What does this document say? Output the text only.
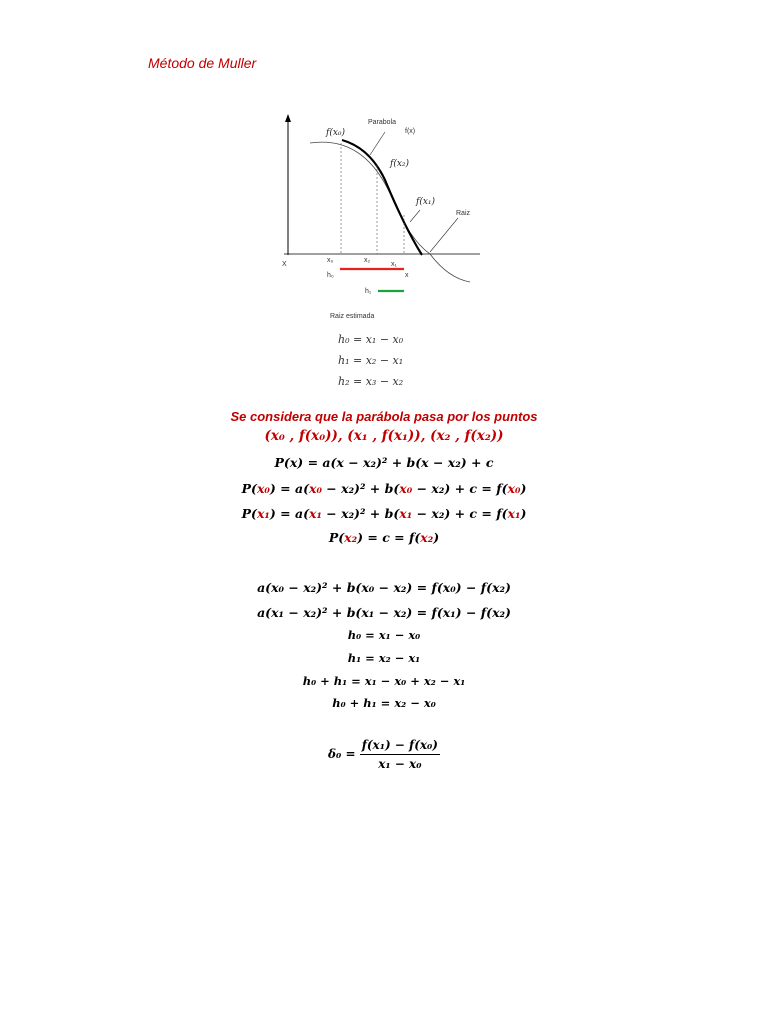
Método de Muller
f(x₀)
Parabola
f(x)
f(x₂)
f(x₁)
Raiz
X
x₀	x₂
x₁
x
h₀
h₁
Raiz estimada
h₀ = x₁ − x₀
h₁ = x₂ − x₁
h₂ = x₃ − x₂
Se considera que la parábola pasa por los puntos
(x₀ , f(x₀)), (x₁ , f(x₁)), (x₂ , f(x₂))
P(x) = a(x − x₂)² + b(x − x₂) + c
P(x₀) = a(x₀ − x₂)² + b(x₀ − x₂) + c = f(x₀)
P(x₁) = a(x₁ − x₂)² + b(x₁ − x₂) + c = f(x₁)
P(x₂) = c = f(x₂)
a(x₀ − x₂)² + b(x₀ − x₂) = f(x₀) − f(x₂)
a(x₁ − x₂)² + b(x₁ − x₂) = f(x₁) − f(x₂)
h₀ = x₁ − x₀
h₁ = x₂ − x₁
h₀ + h₁ = x₁ − x₀ + x₂ − x₁
h₀ + h₁ = x₂ − x₀
$\delta_0 = \frac{\text{f(x₁) − f(x₀)}}{\text{x₁ − x₀}}$
